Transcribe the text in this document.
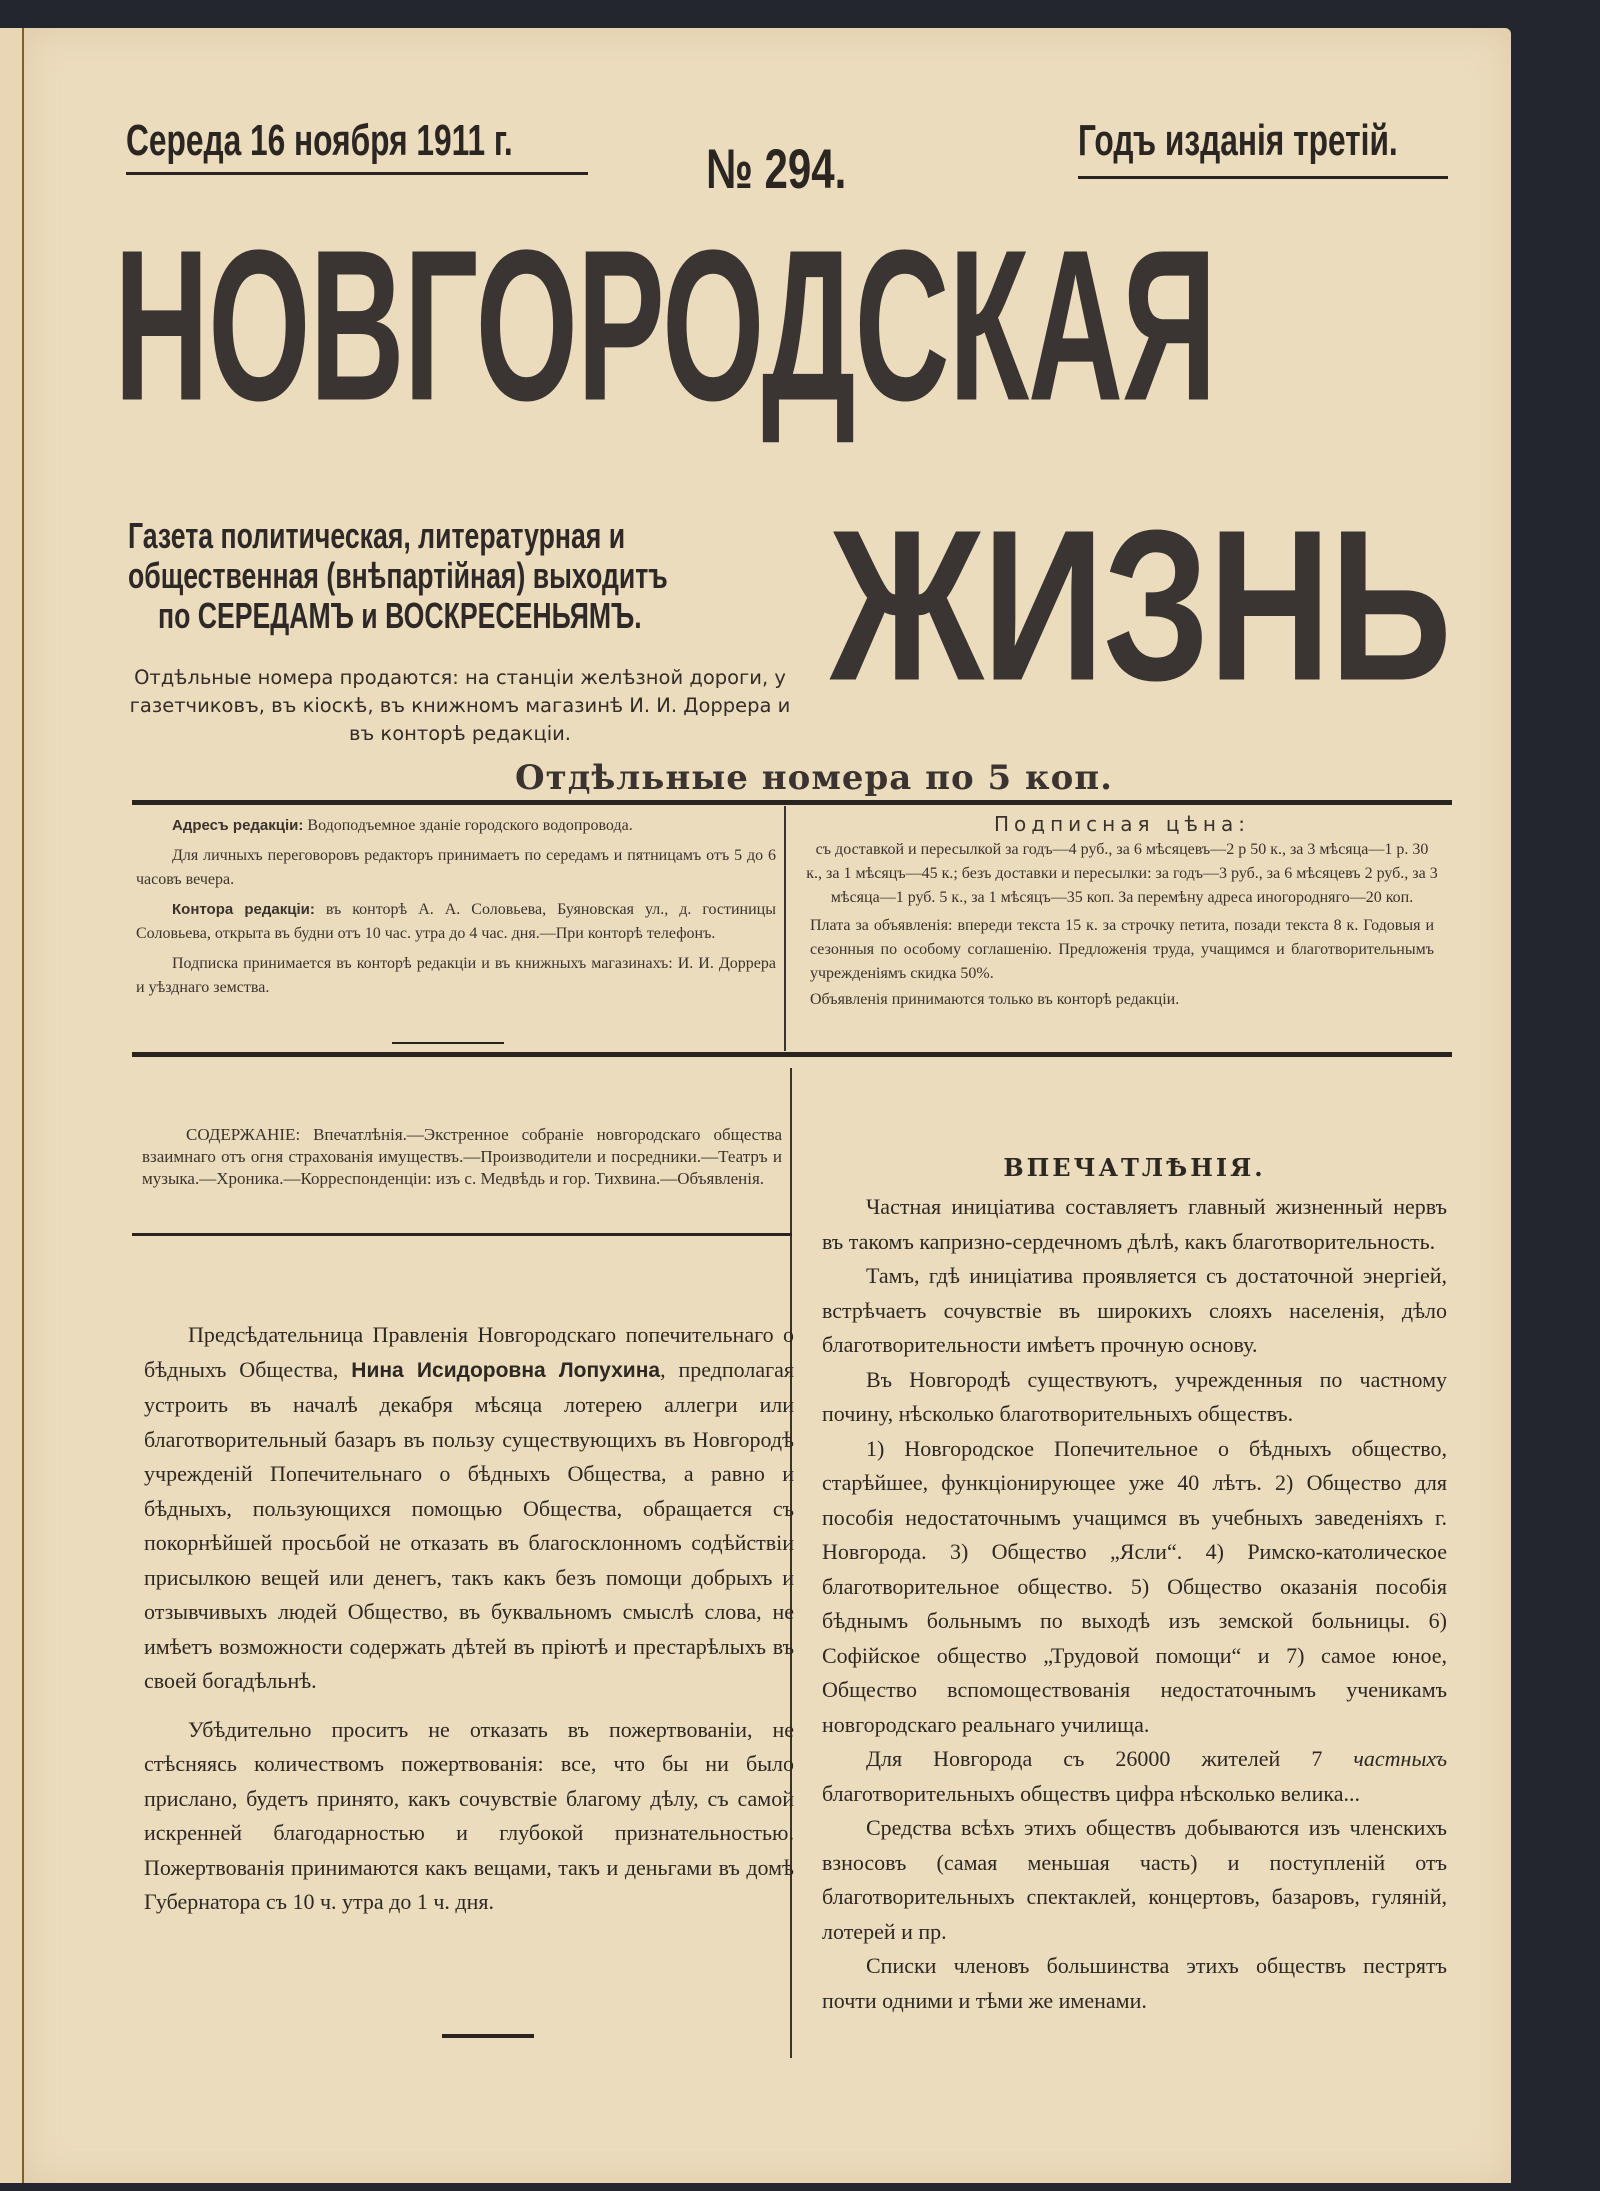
Середа 16 ноября 1911 г.	№ 294.	Годъ изданія третій.
НОВГОРОДСКАЯ
ЖИЗНЬ
Газета политическая, литературная и
общественная (внѣпартійная) выходитъ
по СЕРЕДАМЪ и ВОСКРЕСЕНЬЯМЪ.
Отдѣльные номера продаются: на станціи желѣзной дороги, у газетчиковъ, въ кіоскѣ, въ книжномъ магазинѣ И. И. Доррера и въ конторѣ редакціи.
Отдѣльные номера по 5 коп.
Адресъ редакціи: Водоподъемное зданіе городского водопровода.
Для личныхъ переговоровъ редакторъ принимаетъ по середамъ и пятницамъ отъ 5 до 6 часовъ вечера.
Контора редакціи: въ конторѣ А. А. Соловьева, Буяновская ул., д. гостиницы Соловьева, открыта въ будни отъ 10 час. утра до 4 час. дня.—При конторѣ телефонъ.
Подписка принимается въ конторѣ редакціи и въ книжныхъ магазинахъ: И. И. Доррера и уѣзднаго земства.
Подписная цѣна:
съ доставкой и пересылкой за годъ—4 руб., за 6 мѣсяцевъ—2 р 50 к., за 3 мѣсяца—1 р. 30 к., за 1 мѣсяцъ—45 к.; безъ доставки и пересылки: за годъ—3 руб., за 6 мѣсяцевъ 2 руб., за 3 мѣсяца—1 руб. 5 к., за 1 мѣсяцъ—35 коп. За перемѣну адреса иногородняго—20 коп.
Плата за объявленія: впереди текста 15 к. за строчку петита, позади текста 8 к. Годовыя и сезонныя по особому соглашенію. Предложенія труда, учащимся и благотворительнымъ учрежденіямъ скидка 50%.
Объявленія принимаются только въ конторѣ редакціи.
СОДЕРЖАНІЕ: Впечатлѣнія.—Экстренное собраніе новгородскаго общества взаимнаго отъ огня страхованія имуществъ.—Производители и посредники.—Театръ и музыка.—Хроника.—Корреспонденціи: изъ с. Медвѣдь и гор. Тихвина.—Объявленія.

Предсѣдательница Правленія Новгородскаго попечительнаго о бѣдныхъ Общества, Нина Исидоровна Лопухина, предполагая устроить въ началѣ декабря мѣсяца лотерею аллегри или благотворительный базаръ въ пользу существующихъ въ Новгородѣ учрежденій Попечительнаго о бѣдныхъ Общества, а равно и бѣдныхъ, пользующихся помощью Общества, обращается съ покорнѣйшей просьбой не отказать въ благосклонномъ содѣйствіи присылкою вещей или денегъ, такъ какъ безъ помощи добрыхъ и отзывчивыхъ людей Общество, въ буквальномъ смыслѣ слова, не имѣетъ возможности содержать дѣтей въ пріютѣ и престарѣлыхъ въ своей богадѣльнѣ.

Убѣдительно проситъ не отказать въ пожертвованіи, не стѣсняясь количествомъ пожертвованія: все, что бы ни было прислано, будетъ принято, какъ сочувствіе благому дѣлу, съ самой искренней благодарностью и глубокой признательностью. Пожертвованія принимаются какъ вещами, такъ и деньгами въ домѣ Губернатора съ 10 ч. утра до 1 ч. дня.

ВПЕЧАТЛѢНІЯ.

Частная иниціатива составляетъ главный жизненный нервъ въ такомъ капризно-сердечномъ дѣлѣ, какъ благотворительность.

Тамъ, гдѣ иниціатива проявляется съ достаточной энергіей, встрѣчаетъ сочувствіе въ широкихъ слояхъ населенія, дѣло благотворительности имѣетъ прочную основу.

Въ Новгородѣ существуютъ, учрежденныя по частному почину, нѣсколько благотворительныхъ обществъ.

1) Новгородское Попечительное о бѣдныхъ общество, старѣйшее, функціонирующее уже 40 лѣтъ. 2) Общество для пособія недостаточнымъ учащимся въ учебныхъ заведеніяхъ г. Новгорода. 3) Общество „Ясли“. 4) Римско-католическое благотворительное общество. 5) Общество оказанія пособія бѣднымъ больнымъ по выходѣ изъ земской больницы. 6) Софійское общество „Трудовой помощи“ и 7) самое юное, Общество вспомоществованія недостаточнымъ ученикамъ новгородскаго реальнаго училища.

Для Новгорода съ 26000 жителей 7 частныхъ благотворительныхъ обществъ цифра нѣсколько велика...

Средства всѣхъ этихъ обществъ добываются изъ членскихъ взносовъ (самая меньшая часть) и поступленій отъ благотворительныхъ спектаклей, концертовъ, базаровъ, гуляній, лотерей и пр.

Списки членовъ большинства этихъ обществъ пестрятъ почти одними и тѣми же именами.
